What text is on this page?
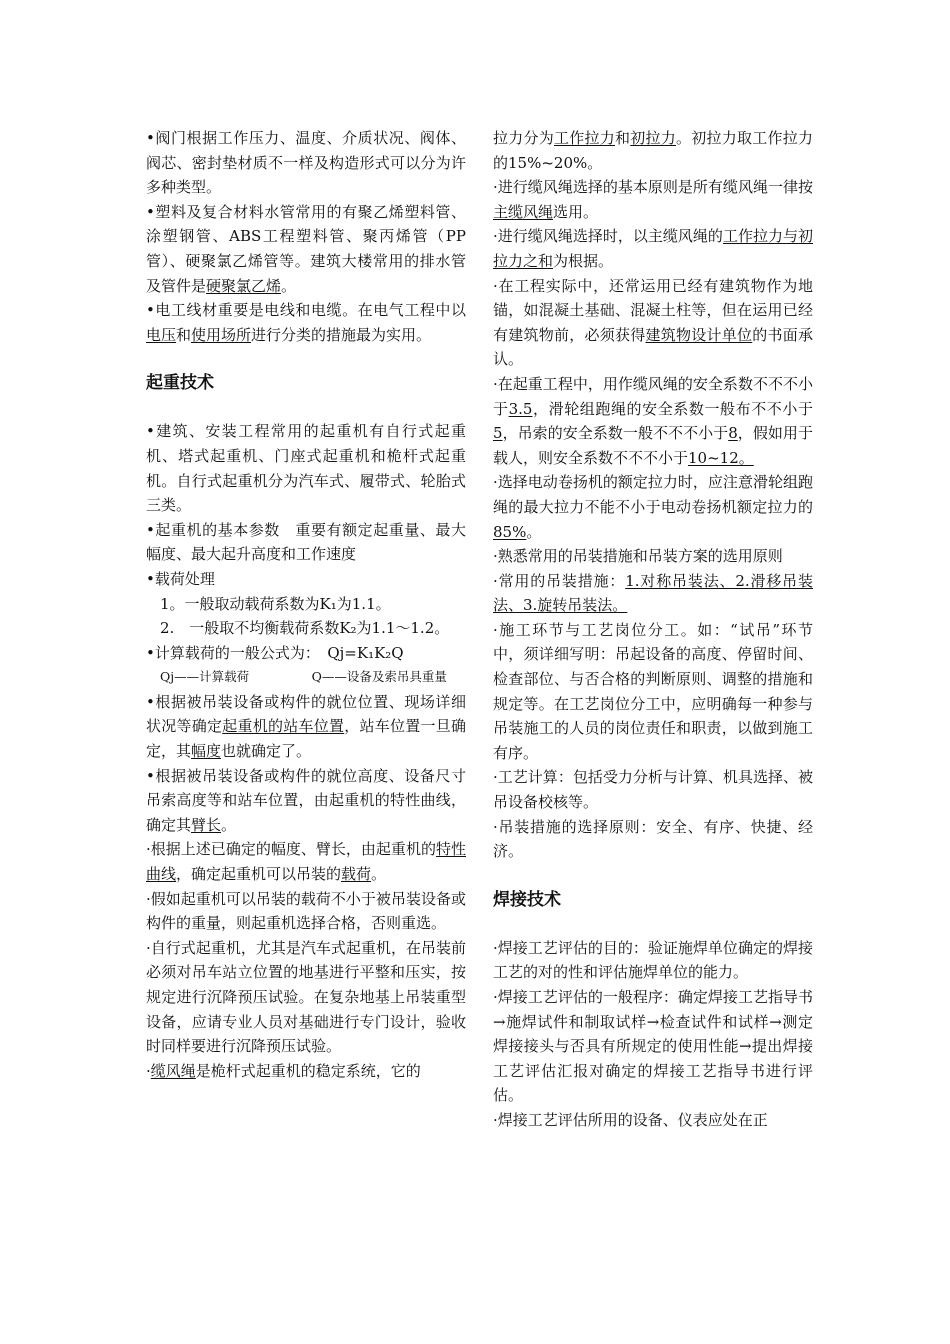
•阀门根据工作压力、温度、介质状况、阀体、阀芯、密封垫材质不一样及构造形式可以分为许多种类型。

•塑料及复合材料水管常用的有聚乙烯塑料管、涂塑钢管、ABS工程塑料管、聚丙烯管（PP管）、硬聚氯乙烯管等。建筑大楼常用的排水管及管件是硬聚氯乙烯。

•电工线材重要是电线和电缆。在电气工程中以电压和使用场所进行分类的措施最为实用。

起重技术

•建筑、安装工程常用的起重机有自行式起重机、塔式起重机、门座式起重机和桅杆式起重机。自行式起重机分为汽车式、履带式、轮胎式三类。

•起重机的基本参数　重要有额定起重量、最大幅度、最大起升高度和工作速度

•载荷处理

1。一般取动载荷系数为K₁为1.1。

2.　一般取不均衡载荷系数K₂为1.1～1.2。

•计算载荷的一般公式为：　Qj=K₁K₂Q

Qj——计算载荷　　　　　Q——设备及索吊具重量

•根据被吊装设备或构件的就位位置、现场详细状况等确定起重机的站车位置，站车位置一旦确定，其幅度也就确定了。

•根据被吊装设备或构件的就位高度、设备尺寸吊索高度等和站车位置，由起重机的特性曲线，确定其臂长。

·根据上述已确定的幅度、臂长，由起重机的特性曲线，确定起重机可以吊装的载荷。

·假如起重机可以吊装的载荷不小于被吊装设备或构件的重量，则起重机选择合格，否则重选。

·自行式起重机，尤其是汽车式起重机，在吊装前必须对吊车站立位置的地基进行平整和压实，按规定进行沉降预压试验。在复杂地基上吊装重型设备，应请专业人员对基础进行专门设计，验收时同样要进行沉降预压试验。

·缆风绳是桅杆式起重机的稳定系统，它的

拉力分为工作拉力和初拉力。初拉力取工作拉力的15%~20%。

·进行缆风绳选择的基本原则是所有缆风绳一律按主缆风绳选用。

·进行缆风绳选择时，以主缆风绳的工作拉力与初拉力之和为根据。

·在工程实际中，还常运用已经有建筑物作为地锚，如混凝土基础、混凝土柱等，但在运用已经有建筑物前，必须获得建筑物设计单位的书面承认。

·在起重工程中，用作缆风绳的安全系数不不不小于3.5，滑轮组跑绳的安全系数一般布不不小于5，吊索的安全系数一般不不不小于8，假如用于载人，则安全系数不不不小于10~12。

·选择电动卷扬机的额定拉力时，应注意滑轮组跑绳的最大拉力不能不小于电动卷扬机额定拉力的85%。

·熟悉常用的吊装措施和吊装方案的选用原则

·常用的吊装措施：1.对称吊装法、2.滑移吊装法、3.旋转吊装法。

·施工环节与工艺岗位分工。如：“试吊”环节中，须详细写明：吊起设备的高度、停留时间、检查部位、与否合格的判断原则、调整的措施和规定等。在工艺岗位分工中，应明确每一种参与吊装施工的人员的岗位责任和职责，以做到施工有序。

·工艺计算：包括受力分析与计算、机具选择、被吊设备校核等。

·吊装措施的选择原则：安全、有序、快捷、经济。

焊接技术

·焊接工艺评估的目的：验证施焊单位确定的焊接工艺的对的性和评估施焊单位的能力。

·焊接工艺评估的一般程序：确定焊接工艺指导书→施焊试件和制取试样→检查试件和试样→测定焊接接头与否具有所规定的使用性能→提出焊接工艺评估汇报对确定的焊接工艺指导书进行评估。

·焊接工艺评估所用的设备、仪表应处在正
